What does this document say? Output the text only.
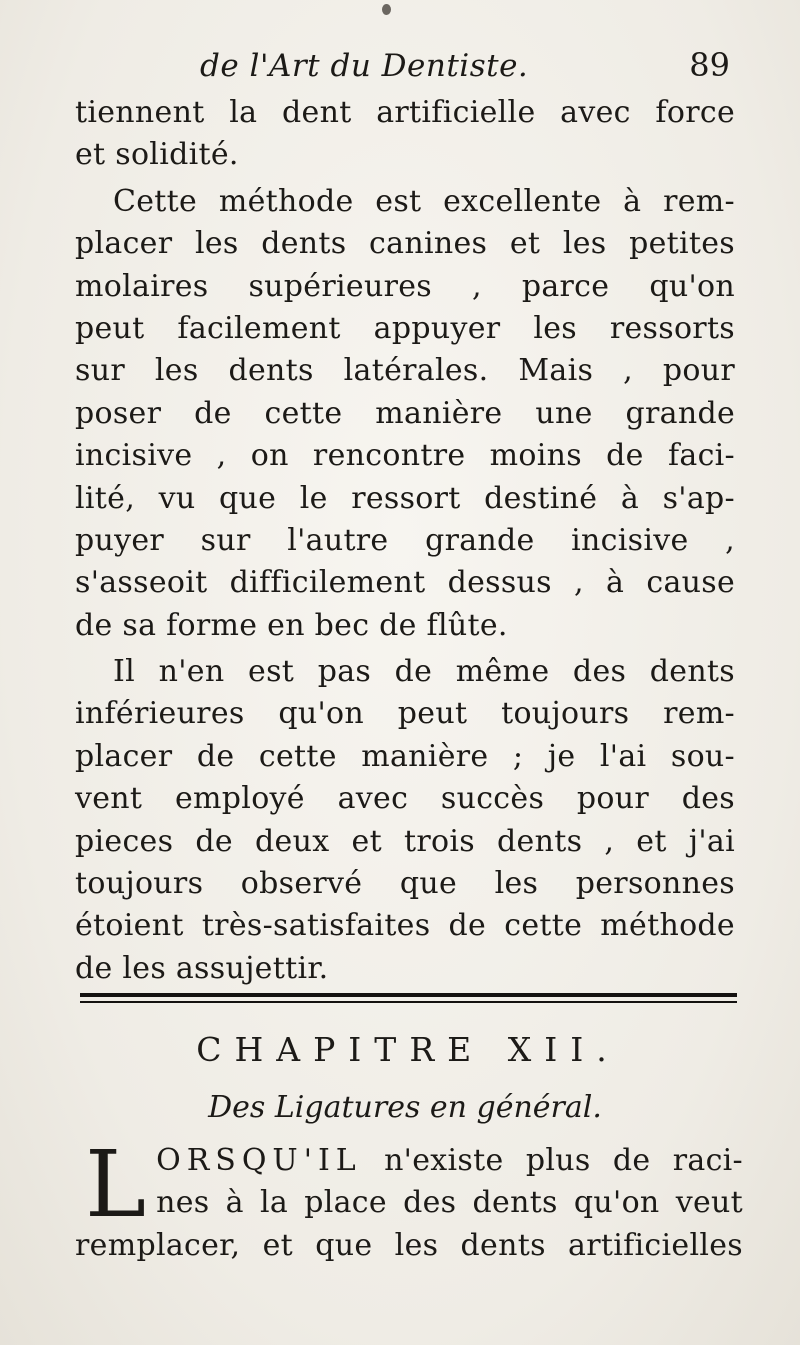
de l'Art du Dentiste.	89
tiennent la dent artificielle avec force
et solidité.
Cette méthode est excellente à rem-
placer les dents canines et les petites
molaires supérieures , parce qu'on
peut facilement appuyer les ressorts
sur les dents latérales. Mais , pour
poser de cette manière une grande
incisive , on rencontre moins de faci-
lité, vu que le ressort destiné à s'ap-
puyer sur l'autre grande incisive ,
s'asseoit difficilement dessus , à cause
de sa forme en bec de flûte.
Il n'en est pas de même des dents
inférieures qu'on peut toujours rem-
placer de cette manière ; je l'ai sou-
vent employé avec succès pour des
pieces de deux et trois dents , et j'ai
toujours observé que les personnes
étoient très-satisfaites de cette méthode
de les assujettir.
CHAPITRE XII.
Des Ligatures en général.
L ORSQU'IL n'existe plus de raci-
nes à la place des dents qu'on veut
remplacer, et que les dents artificielles
